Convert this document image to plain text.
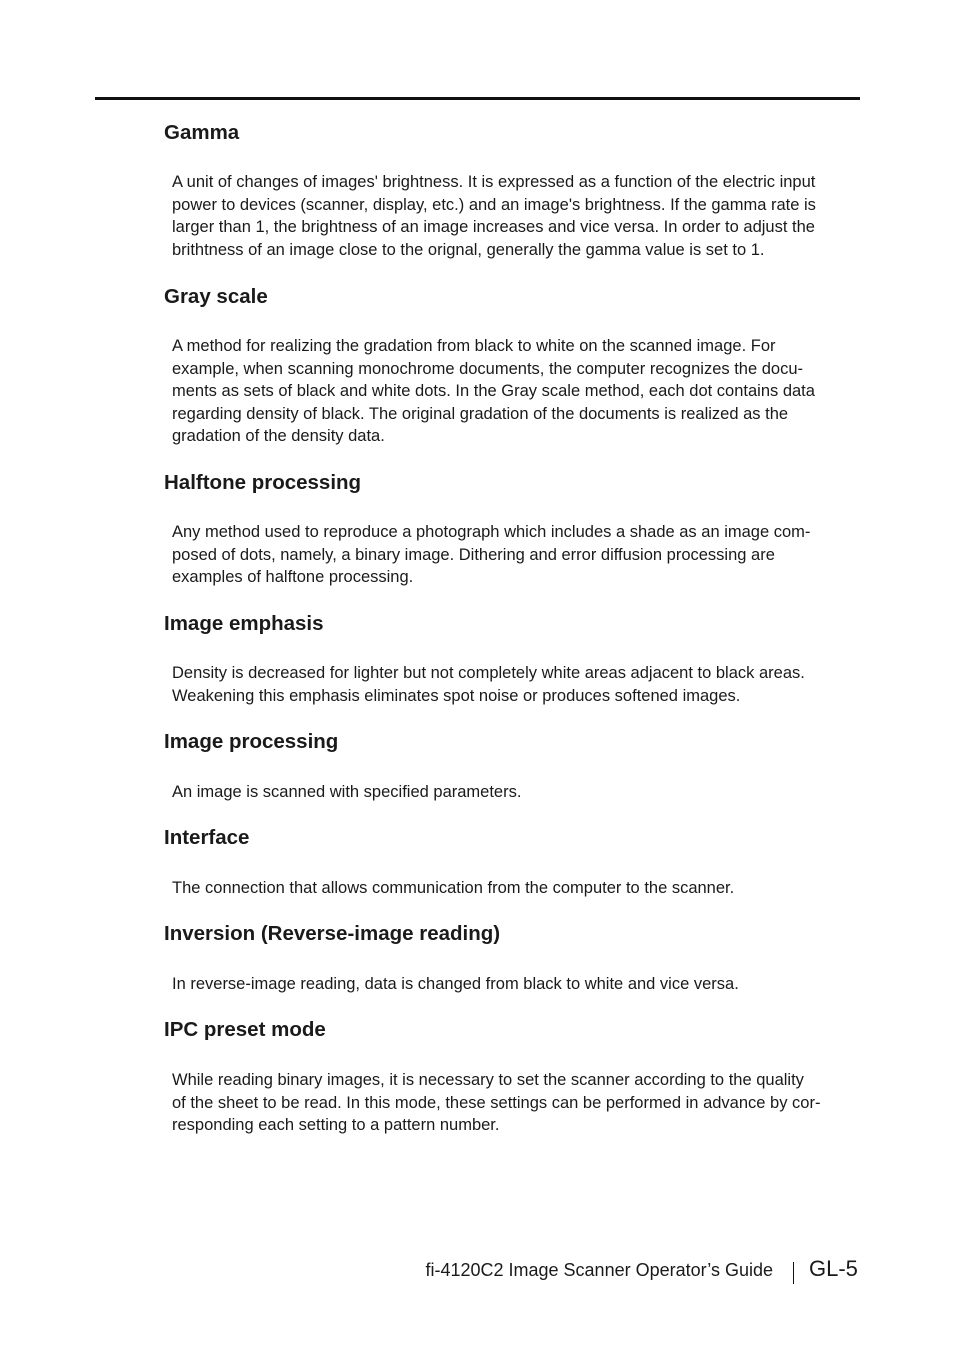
Gamma

A unit of changes of images' brightness. It is expressed as a function of the electric input
power to devices (scanner, display, etc.) and an image's brightness. If the gamma rate is
larger than 1, the brightness of an image increases and vice versa. In order to adjust the
brithtness of an image close to the orignal, generally the gamma value is set to 1.

Gray scale

A method for realizing the gradation from black to white on the scanned image. For
example, when scanning monochrome documents, the computer recognizes the docu-
ments as sets of black and white dots. In the Gray scale method, each dot contains data
regarding density of black. The original gradation of the documents is realized as the
gradation of the density data.

Halftone processing

Any method used to reproduce a photograph which includes a shade as an image com-
posed of dots, namely, a binary image. Dithering and error diffusion processing are
examples of halftone processing.

Image emphasis

Density is decreased for lighter but not completely white areas adjacent to black areas.
Weakening this emphasis eliminates spot noise or produces softened images.

Image processing

An image is scanned with specified parameters.

Interface

The connection that allows communication from the computer to the scanner.

Inversion (Reverse-image reading)

In reverse-image reading, data is changed from black to white and vice versa.

IPC preset mode

While reading binary images, it is necessary to set the scanner according to the quality
of the sheet to be read. In this mode, these settings can be performed in advance by cor-
responding each setting to a pattern number.

fi-4120C2 Image Scanner Operator’s Guide GL-5
